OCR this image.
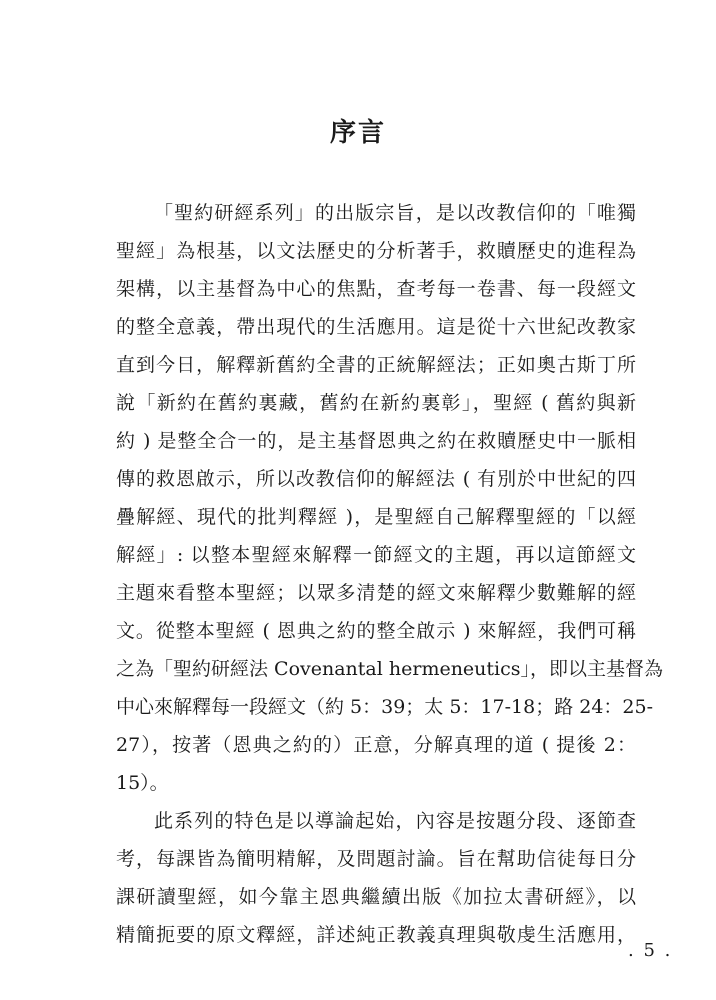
序言
「聖約研經系列」的出版宗旨，是以改教信仰的「唯獨
聖經」為根基，以文法歷史的分析著手，救贖歷史的進程為
架構，以主基督為中心的焦點，查考每一卷書、每一段經文
的整全意義，帶出現代的生活應用。這是從十六世紀改教家
直到今日，解釋新舊約全書的正統解經法；正如奧古斯丁所
說「新約在舊約裏藏，舊約在新約裏彰」，聖經 ( 舊約與新
約 ) 是整全合一的，是主基督恩典之約在救贖歷史中一脈相
傳的救恩啟示，所以改教信仰的解經法 ( 有別於中世紀的四
疊解經、現代的批判釋經 )，是聖經自己解釋聖經的「以經
解經」: 以整本聖經來解釋一節經文的主題，再以這節經文
主題來看整本聖經；以眾多清楚的經文來解釋少數難解的經
文。從整本聖經 ( 恩典之約的整全啟示 ) 來解經，我們可稱
之為「聖約研經法 Covenantal hermeneutics」，即以主基督為
中心來解釋每一段經文（約 5：39；太 5：17-18；路 24：25-
27），按著（恩典之約的）正意，分解真理的道 ( 提後 2：
15）。
此系列的特色是以導論起始，內容是按題分段、逐節查
考，每課皆為簡明精解，及問題討論。旨在幫助信徒每日分
課研讀聖經，如今靠主恩典繼續出版《加拉太書研經》，以
精簡扼要的原文釋經，詳述純正教義真理與敬虔生活應用，
. 5 .
